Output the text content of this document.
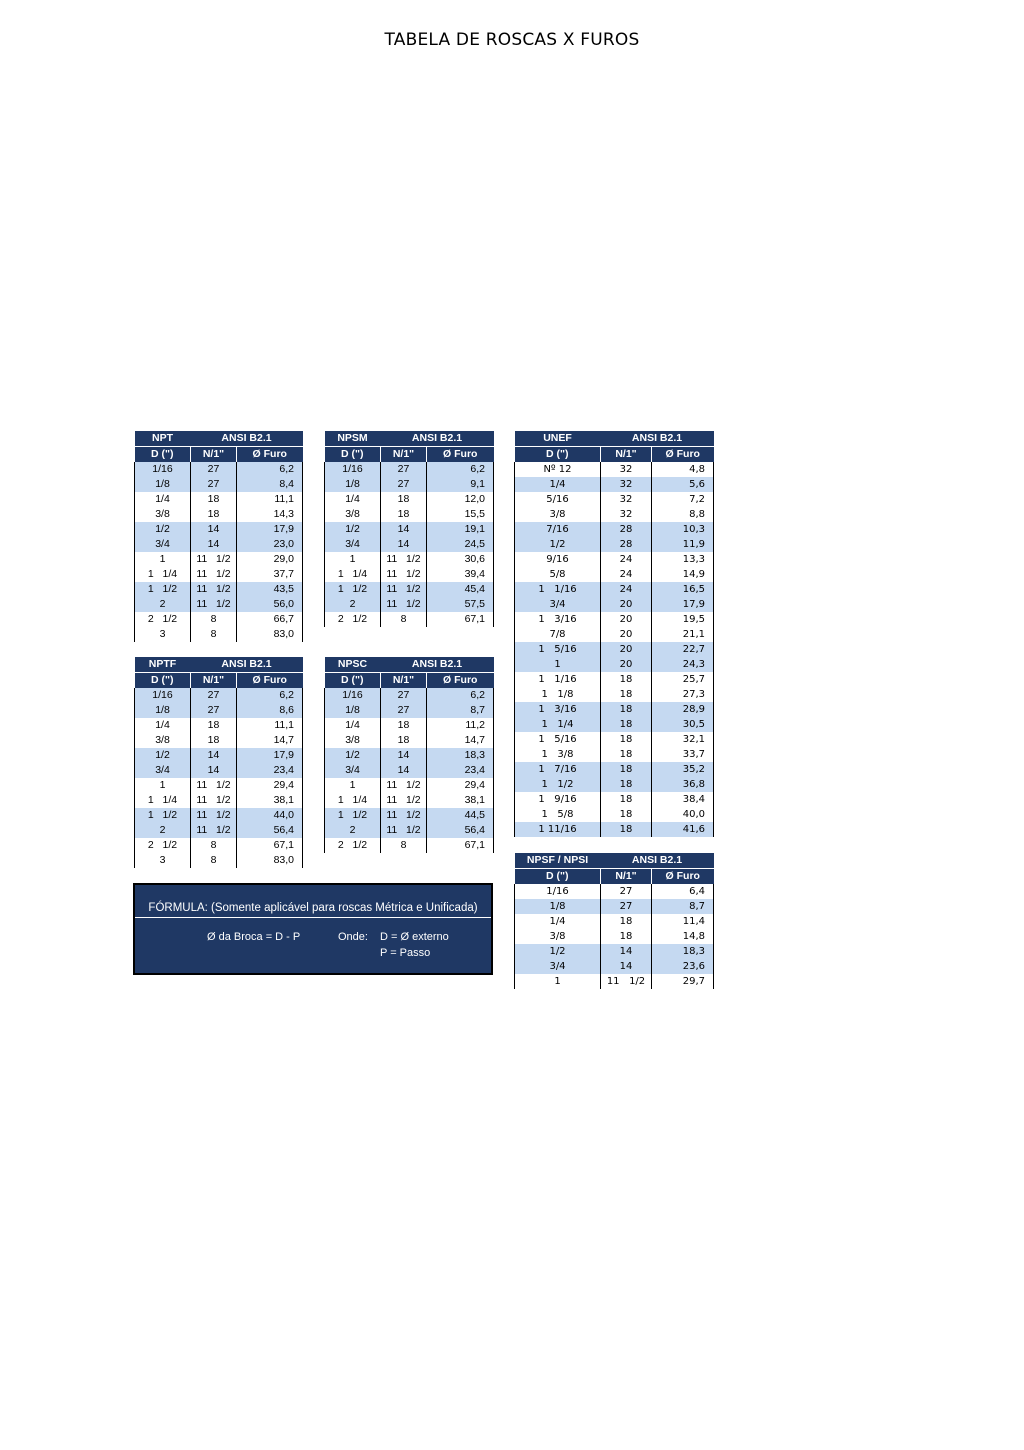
TABELA DE ROSCAS X FUROS
NPT	ANSI B2.1	
D (")	N/1"	Ø Furo
1/16	27	6,2
1/8	27	8,4
1/4	18	11,1
3/8	18	14,3
1/2	14	17,9
3/4	14	23,0
1	11   1/2	29,0
1   1/4	11   1/2	37,7
1   1/2	11   1/2	43,5
2	11   1/2	56,0
2   1/2	8	66,7
3	8	83,0
NPSM	ANSI B2.1	
D (")	N/1"	Ø Furo
1/16	27	6,2
1/8	27	9,1
1/4	18	12,0
3/8	18	15,5
1/2	14	19,1
3/4	14	24,5
1	11   1/2	30,6
1   1/4	11   1/2	39,4
1   1/2	11   1/2	45,4
2	11   1/2	57,5
2   1/2	8	67,1
NPTF	ANSI B2.1	
D (")	N/1"	Ø Furo
1/16	27	6,2
1/8	27	8,6
1/4	18	11,1
3/8	18	14,7
1/2	14	17,9
3/4	14	23,4
1	11   1/2	29,4
1   1/4	11   1/2	38,1
1   1/2	11   1/2	44,0
2	11   1/2	56,4
2   1/2	8	67,1
3	8	83,0
NPSC	ANSI B2.1	
D (")	N/1"	Ø Furo
1/16	27	6,2
1/8	27	8,7
1/4	18	11,2
3/8	18	14,7
1/2	14	18,3
3/4	14	23,4
1	11   1/2	29,4
1   1/4	11   1/2	38,1
1   1/2	11   1/2	44,5
2	11   1/2	56,4
2   1/2	8	67,1
UNEF	ANSI B2.1	
D (")	N/1"	Ø Furo
Nº 12	32	4,8
1/4	32	5,6
5/16	32	7,2
3/8	32	8,8
7/16	28	10,3
1/2	28	11,9
9/16	24	13,3
5/8	24	14,9
1   1/16	24	16,5
3/4	20	17,9
1   3/16	20	19,5
7/8	20	21,1
1   5/16	20	22,7
1	20	24,3
1   1/16	18	25,7
1   1/8	18	27,3
1   3/16	18	28,9
1   1/4	18	30,5
1   5/16	18	32,1
1   3/8	18	33,7
1   7/16	18	35,2
1   1/2	18	36,8
1   9/16	18	38,4
1   5/8	18	40,0
1 11/16	18	41,6
NPSF / NPSI	ANSI B2.1	
D (")	N/1"	Ø Furo
1/16	27	6,4
1/8	27	8,7
1/4	18	11,4
3/8	18	14,8
1/2	14	18,3
3/4	14	23,6
1	11   1/2	29,7
FÓRMULA: (Somente aplicável para roscas Métrica e Unificada)
Ø da Broca = D - P	Onde: D = Ø externo
P = Passo
